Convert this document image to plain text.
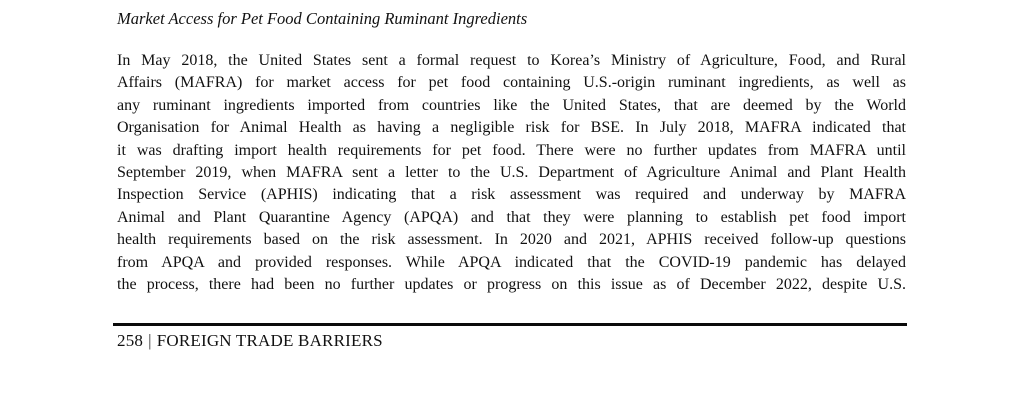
Market Access for Pet Food Containing Ruminant Ingredients
In May 2018, the United States sent a formal request to Korea’s Ministry of Agriculture, Food, and Rural
Affairs (MAFRA) for market access for pet food containing U.S.-origin ruminant ingredients, as well as
any ruminant ingredients imported from countries like the United States, that are deemed by the World
Organisation for Animal Health as having a negligible risk for BSE. In July 2018, MAFRA indicated that
it was drafting import health requirements for pet food. There were no further updates from MAFRA until
September 2019, when MAFRA sent a letter to the U.S. Department of Agriculture Animal and Plant Health
Inspection Service (APHIS) indicating that a risk assessment was required and underway by MAFRA
Animal and Plant Quarantine Agency (APQA) and that they were planning to establish pet food import
health requirements based on the risk assessment. In 2020 and 2021, APHIS received follow-up questions
from APQA and provided responses. While APQA indicated that the COVID-19 pandemic has delayed
the process, there had been no further updates or progress on this issue as of December 2022, despite U.S.
258 | FOREIGN TRADE BARRIERS
